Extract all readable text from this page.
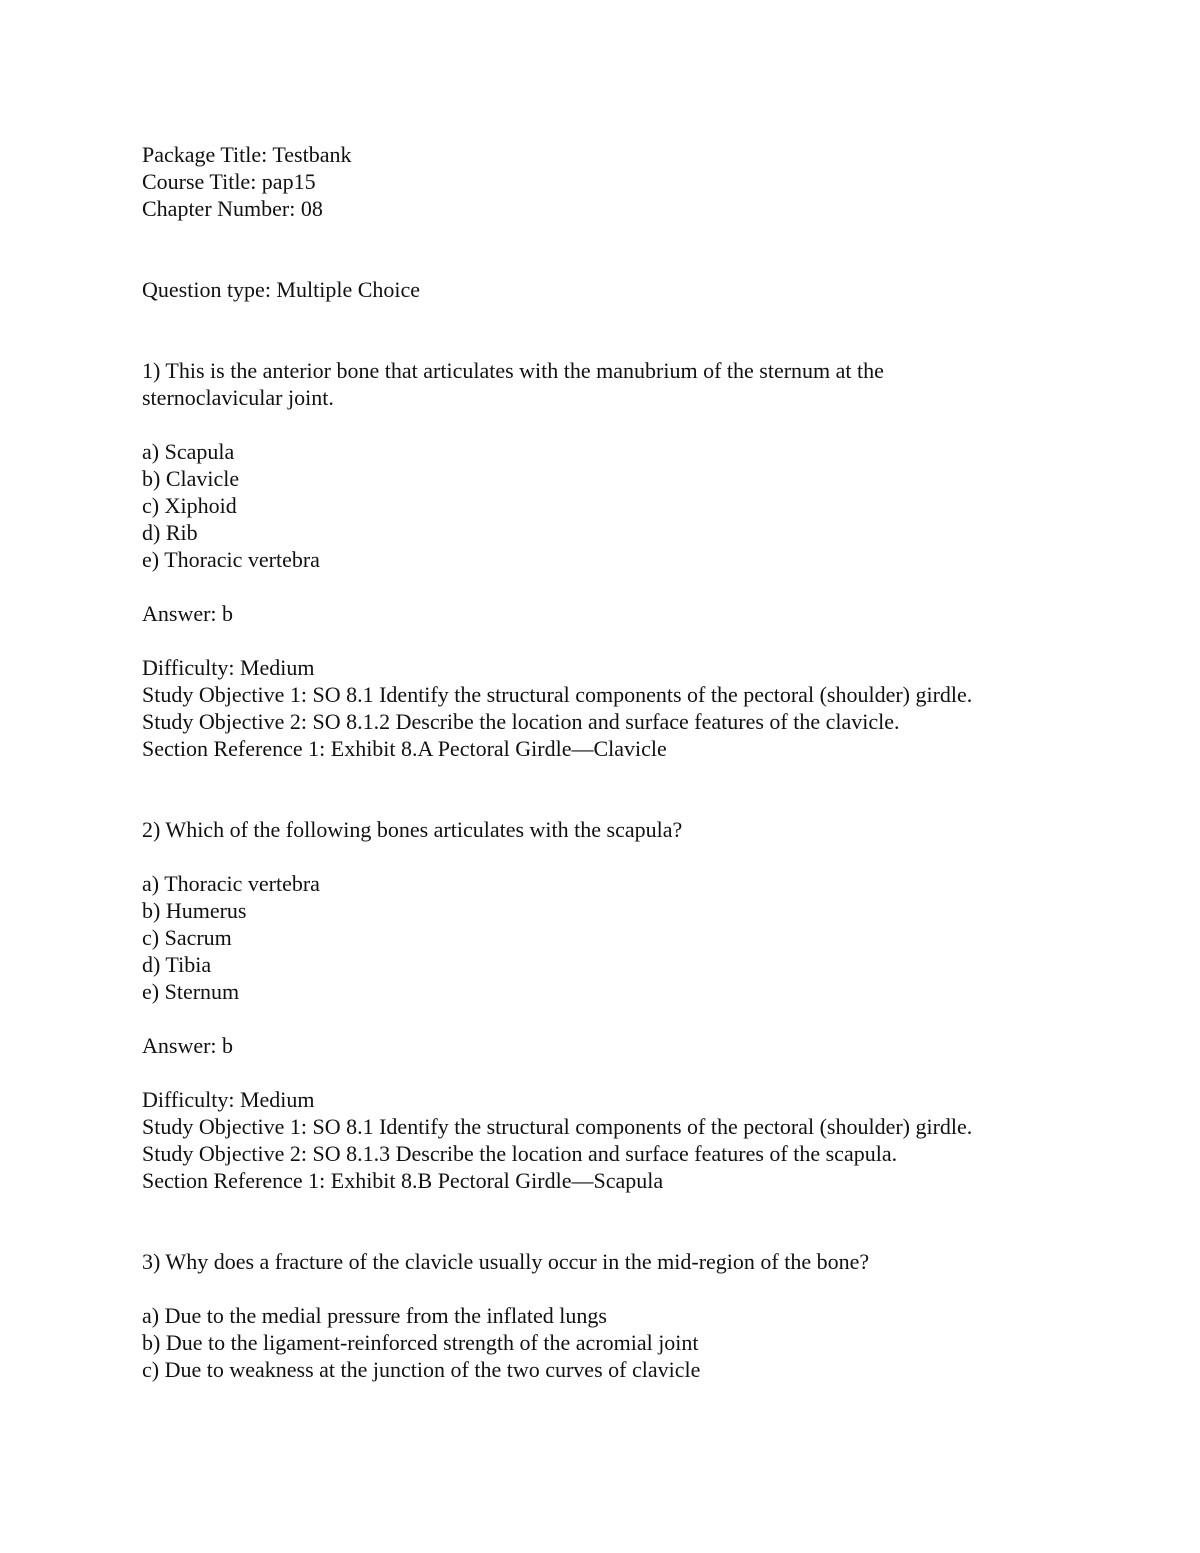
Package Title: Testbank
Course Title: pap15
Chapter Number: 08
Question type: Multiple Choice
1) This is the anterior bone that articulates with the manubrium of the sternum at the sternoclavicular joint.
a) Scapula
b) Clavicle
c) Xiphoid
d) Rib
e) Thoracic vertebra
Answer: b
Difficulty: Medium
Study Objective 1: SO 8.1 Identify the structural components of the pectoral (shoulder) girdle.
Study Objective 2: SO 8.1.2 Describe the location and surface features of the clavicle.
Section Reference 1: Exhibit 8.A Pectoral Girdle—Clavicle
2) Which of the following bones articulates with the scapula?
a) Thoracic vertebra
b) Humerus
c) Sacrum
d) Tibia
e) Sternum
Answer: b
Difficulty: Medium
Study Objective 1: SO 8.1 Identify the structural components of the pectoral (shoulder) girdle.
Study Objective 2: SO 8.1.3 Describe the location and surface features of the scapula.
Section Reference 1: Exhibit 8.B Pectoral Girdle—Scapula
3) Why does a fracture of the clavicle usually occur in the mid-region of the bone?
a) Due to the medial pressure from the inflated lungs
b) Due to the ligament-reinforced strength of the acromial joint
c) Due to weakness at the junction of the two curves of clavicle
